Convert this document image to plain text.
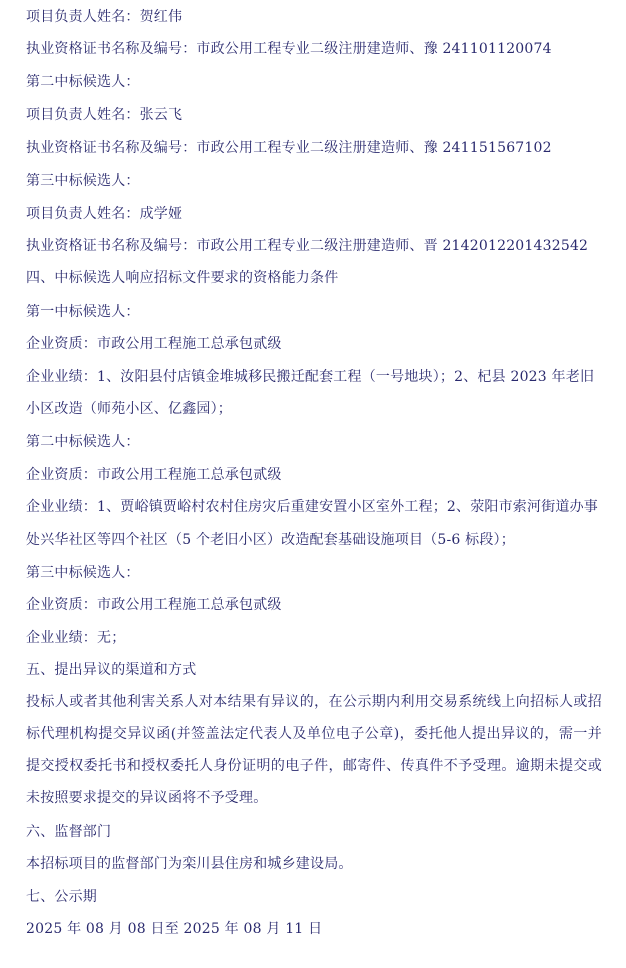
项目负责人姓名：贺红伟
执业资格证书名称及编号：市政公用工程专业二级注册建造师、豫 241101120074
第二中标候选人：
项目负责人姓名：张云飞
执业资格证书名称及编号：市政公用工程专业二级注册建造师、豫 241151567102
第三中标候选人：
项目负责人姓名：成学娅
执业资格证书名称及编号：市政公用工程专业二级注册建造师、晋 2142012201432542
四、中标候选人响应招标文件要求的资格能力条件
第一中标候选人：
企业资质：市政公用工程施工总承包贰级
企业业绩：1、汝阳县付店镇金堆城移民搬迁配套工程（一号地块）；2、杞县 2023 年老旧
小区改造（师苑小区、亿鑫园）；
第二中标候选人：
企业资质：市政公用工程施工总承包贰级
企业业绩：1、贾峪镇贾峪村农村住房灾后重建安置小区室外工程；2、荥阳市索河街道办事
处兴华社区等四个社区（5 个老旧小区）改造配套基础设施项目（5-6 标段）；
第三中标候选人：
企业资质：市政公用工程施工总承包贰级
企业业绩：无；
五、提出异议的渠道和方式
投标人或者其他利害关系人对本结果有异议的，在公示期内利用交易系统线上向招标人或招标代理机构提交异议函(并签盖法定代表人及单位电子公章)，委托他人提出异议的，需一并提交授权委托书和授权委托人身份证明的电子件，邮寄件、传真件不予受理。逾期未提交或未按照要求提交的异议函将不予受理。
六、监督部门
本招标项目的监督部门为栾川县住房和城乡建设局。
七、公示期
2025 年 08 月 08 日至 2025 年 08 月 11 日
